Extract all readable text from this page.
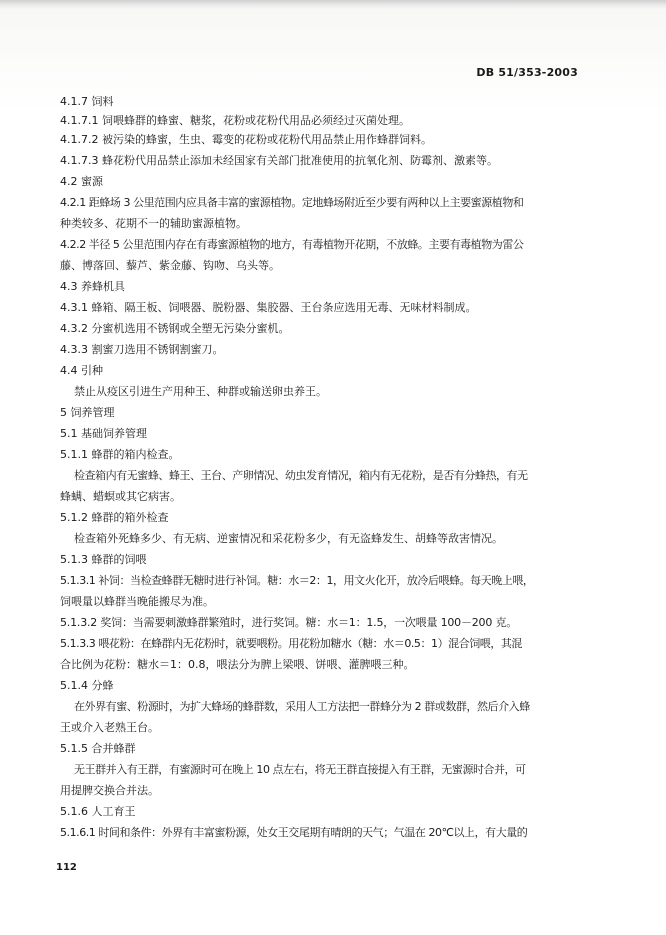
DB 51/353-2003
4.1.7 饲料
4.1.7.1 饲喂蜂群的蜂蜜、糖浆，花粉或花粉代用品必须经过灭菌处理。
4.1.7.2 被污染的蜂蜜，生虫、霉变的花粉或花粉代用品禁止用作蜂群饲料。
4.1.7.3 蜂花粉代用品禁止添加未经国家有关部门批准使用的抗氧化剂、防霉剂、激素等。
4.2 蜜源
4.2.1 距蜂场 3 公里范围内应具备丰富的蜜源植物。定地蜂场附近至少要有两种以上主要蜜源植物和
种类较多、花期不一的辅助蜜源植物。
4.2.2 半径 5 公里范围内存在有毒蜜源植物的地方，有毒植物开花期，不放蜂。主要有毒植物为雷公
藤、博落回、藜芦、紫金藤、钩吻、乌头等。
4.3 养蜂机具
4.3.1 蜂箱、隔王板、饲喂器、脱粉器、集胶器、王台条应选用无毒、无味材料制成。
4.3.2 分蜜机选用不锈钢或全塑无污染分蜜机。
4.3.3 割蜜刀选用不锈钢割蜜刀。
4.4 引种
禁止从疫区引进生产用种王、种群或输送卵虫养王。
5 饲养管理
5.1 基础饲养管理
5.1.1 蜂群的箱内检查。
检查箱内有无蜜蜂、蜂王、王台、产卵情况、幼虫发育情况，箱内有无花粉，是否有分蜂热，有无
蜂螨、蜡螟或其它病害。
5.1.2 蜂群的箱外检查
检查箱外死蜂多少、有无病、逆蜜情况和采花粉多少，有无盗蜂发生、胡蜂等敌害情况。
5.1.3 蜂群的饲喂
5.1.3.1 补饲：当检查蜂群无糖时进行补饲。糖：水＝2：1，用文火化开，放冷后喂蜂。每天晚上喂，
饲喂量以蜂群当晚能搬尽为准。
5.1.3.2 奖饲：当需要刺激蜂群繁殖时，进行奖饲。糖：水＝1：1.5，一次喂量 100－200 克。
5.1.3.3 喂花粉：在蜂群内无花粉时，就要喂粉。用花粉加糖水（糖：水＝0.5：1）混合饲喂，其混
合比例为花粉：糖水＝1：0.8，喂法分为脾上梁喂、饼喂、灌脾喂三种。
5.1.4 分蜂
在外界有蜜、粉源时，为扩大蜂场的蜂群数，采用人工方法把一群蜂分为 2 群或数群，然后介入蜂
王或介入老熟王台。
5.1.5 合并蜂群
无王群并入有王群，有蜜源时可在晚上 10 点左右，将无王群直接提入有王群，无蜜源时合并，可
用提脾交换合并法。
5.1.6 人工育王
5.1.6.1 时间和条件：外界有丰富蜜粉源，处女王交尾期有晴朗的天气；气温在 20℃以上，有大量的
112
